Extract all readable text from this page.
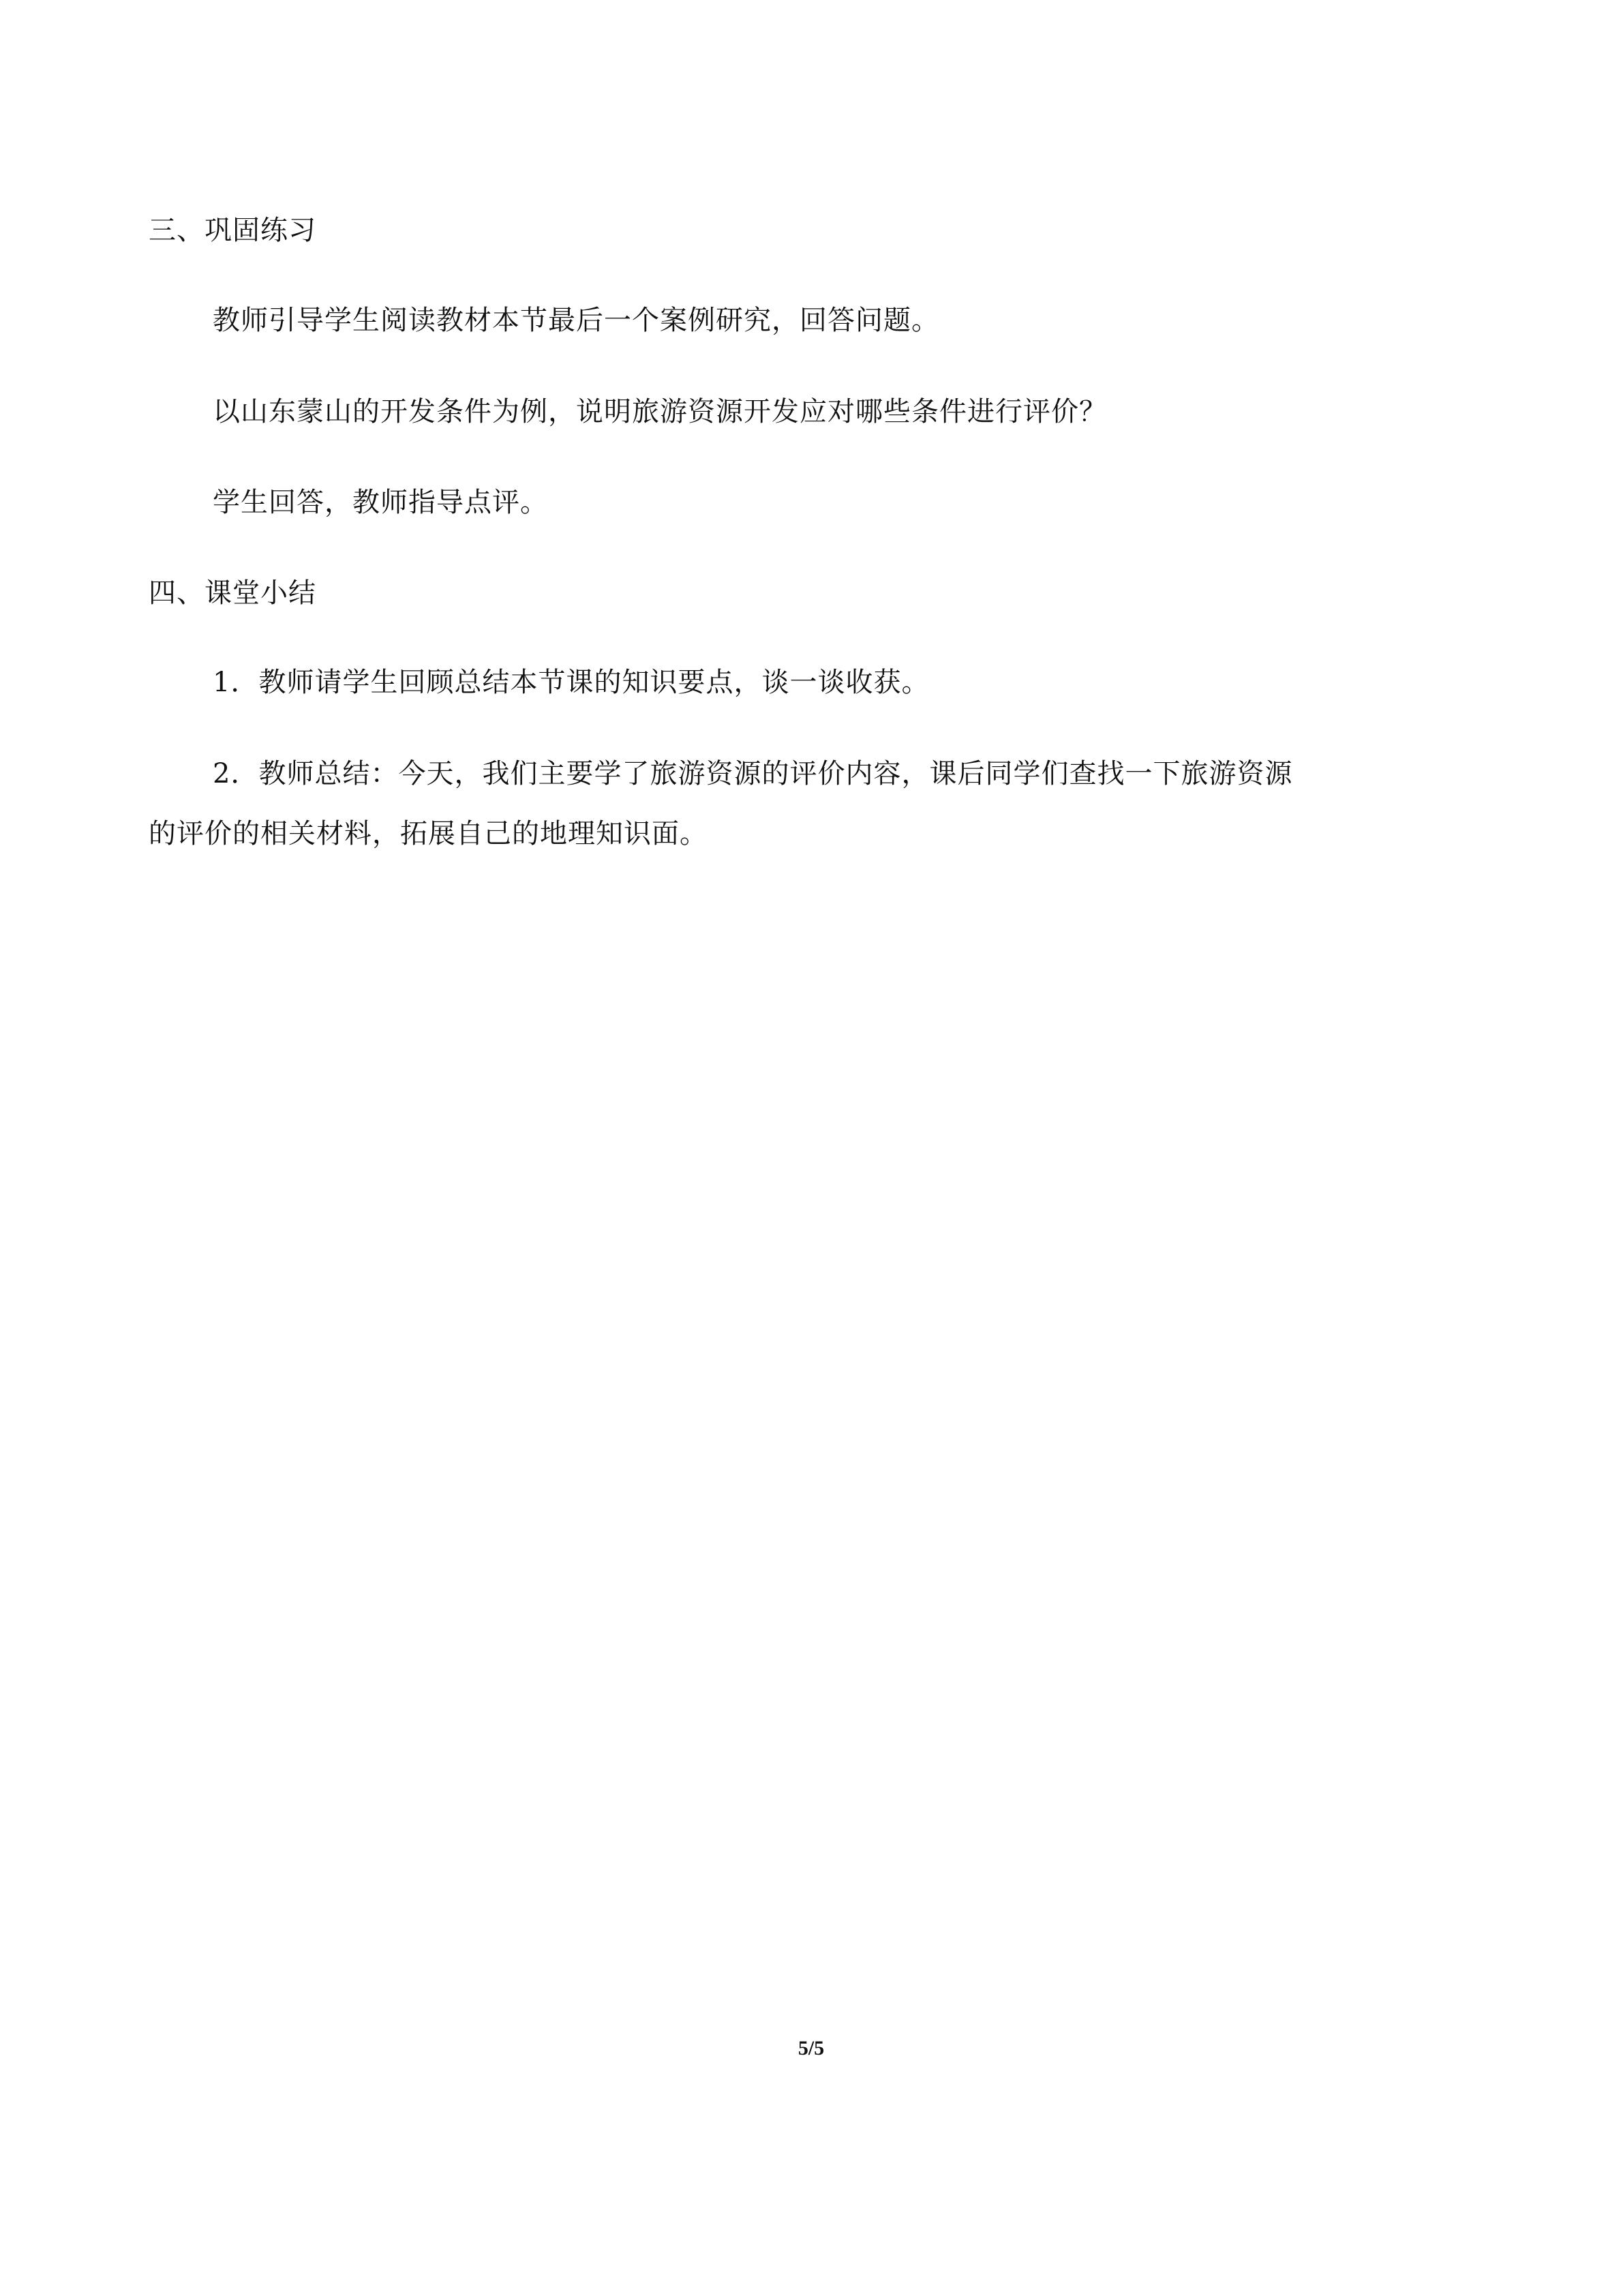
三、巩固练习
教师引导学生阅读教材本节最后一个案例研究，回答问题。
以山东蒙山的开发条件为例，说明旅游资源开发应对哪些条件进行评价？
学生回答，教师指导点评。
四、课堂小结
1．教师请学生回顾总结本节课的知识要点，谈一谈收获。
2．教师总结：今天，我们主要学了旅游资源的评价内容，课后同学们查找一下旅游资源
的评价的相关材料，拓展自己的地理知识面。
5/5
